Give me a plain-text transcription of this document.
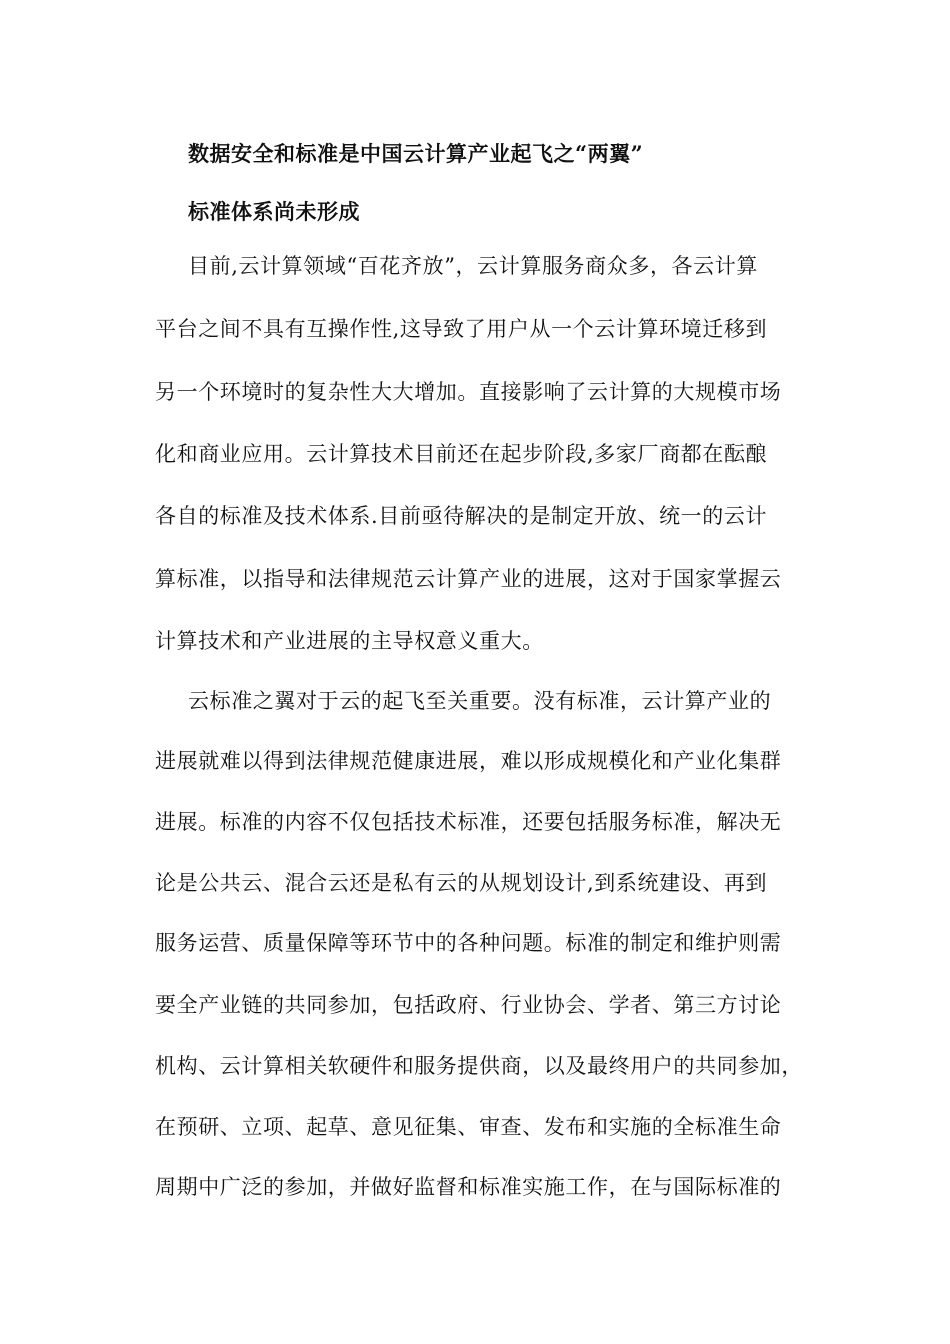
数据安全和标准是中国云计算产业起飞之“两翼”
标准体系尚未形成
目前,云计算领域“百花齐放”，云计算服务商众多，各云计算
平台之间不具有互操作性,这导致了用户从一个云计算环境迁移到
另一个环境时的复杂性大大增加。直接影响了云计算的大规模市场
化和商业应用。云计算技术目前还在起步阶段,多家厂商都在酝酿
各自的标准及技术体系.目前亟待解决的是制定开放、统一的云计
算标准，以指导和法律规范云计算产业的进展，这对于国家掌握云
计算技术和产业进展的主导权意义重大。
云标准之翼对于云的起飞至关重要。没有标准，云计算产业的
进展就难以得到法律规范健康进展，难以形成规模化和产业化集群
进展。标准的内容不仅包括技术标准，还要包括服务标准，解决无
论是公共云、混合云还是私有云的从规划设计,到系统建设、再到
服务运营、质量保障等环节中的各种问题。标准的制定和维护则需
要全产业链的共同参加，包括政府、行业协会、学者、第三方讨论
机构、云计算相关软硬件和服务提供商，以及最终用户的共同参加，
在预研、立项、起草、意见征集、审查、发布和实施的全标准生命
周期中广泛的参加，并做好监督和标准实施工作，在与国际标准的
